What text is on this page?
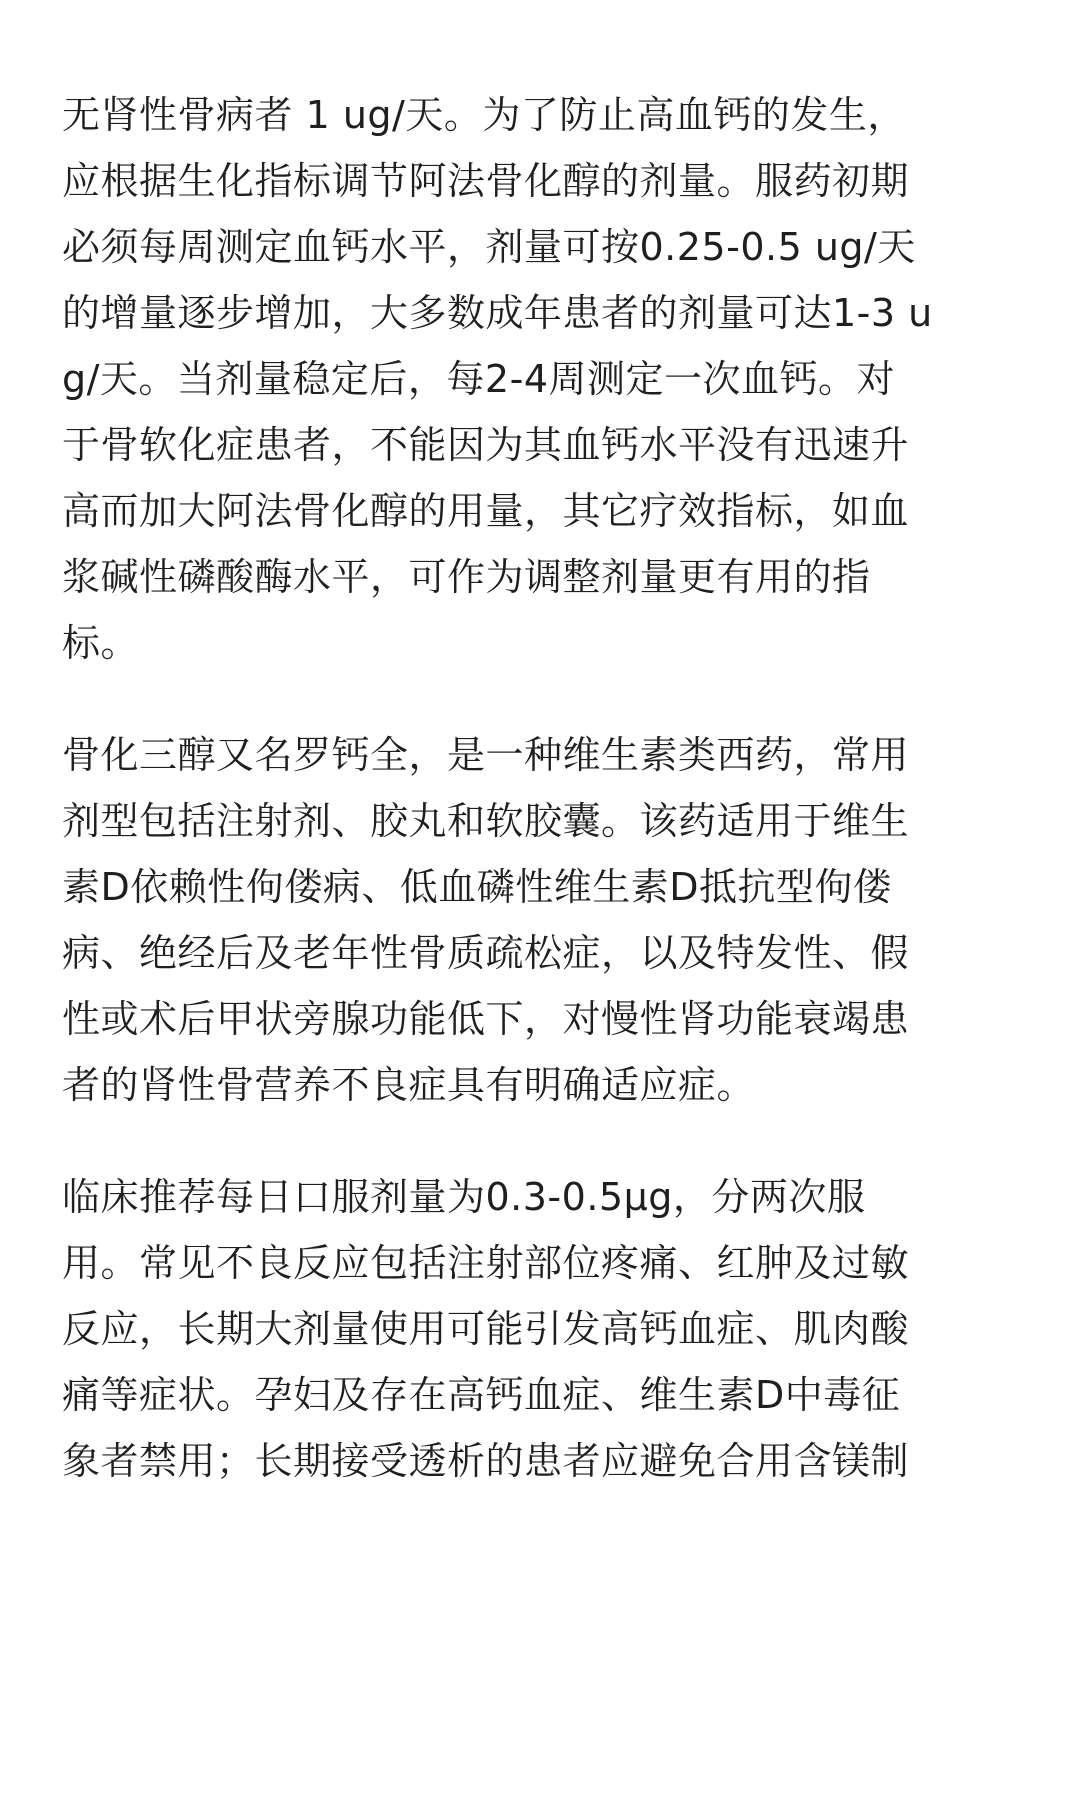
无肾性骨病者 1 ug/天。为了防止高血钙的发生，
应根据生化指标调节阿法骨化醇的剂量。服药初期
必须每周测定血钙水平，剂量可按0.25-0.5 ug/天
的增量逐步增加，大多数成年患者的剂量可达1-3 u
g/天。当剂量稳定后，每2-4周测定一次血钙。对
于骨软化症患者，不能因为其血钙水平没有迅速升
高而加大阿法骨化醇的用量，其它疗效指标，如血
浆碱性磷酸酶水平，可作为调整剂量更有用的指
标。
骨化三醇又名罗钙全，是一种维生素类西药，常用
剂型包括注射剂、胶丸和软胶囊。该药适用于维生
素D依赖性佝偻病、低血磷性维生素D抵抗型佝偻
病、绝经后及老年性骨质疏松症，以及特发性、假
性或术后甲状旁腺功能低下，对慢性肾功能衰竭患
者的肾性骨营养不良症具有明确适应症。
临床推荐每日口服剂量为0.3-0.5μg，分两次服
用。常见不良反应包括注射部位疼痛、红肿及过敏
反应，长期大剂量使用可能引发高钙血症、肌肉酸
痛等症状。孕妇及存在高钙血症、维生素D中毒征
象者禁用；长期接受透析的患者应避免合用含镁制
